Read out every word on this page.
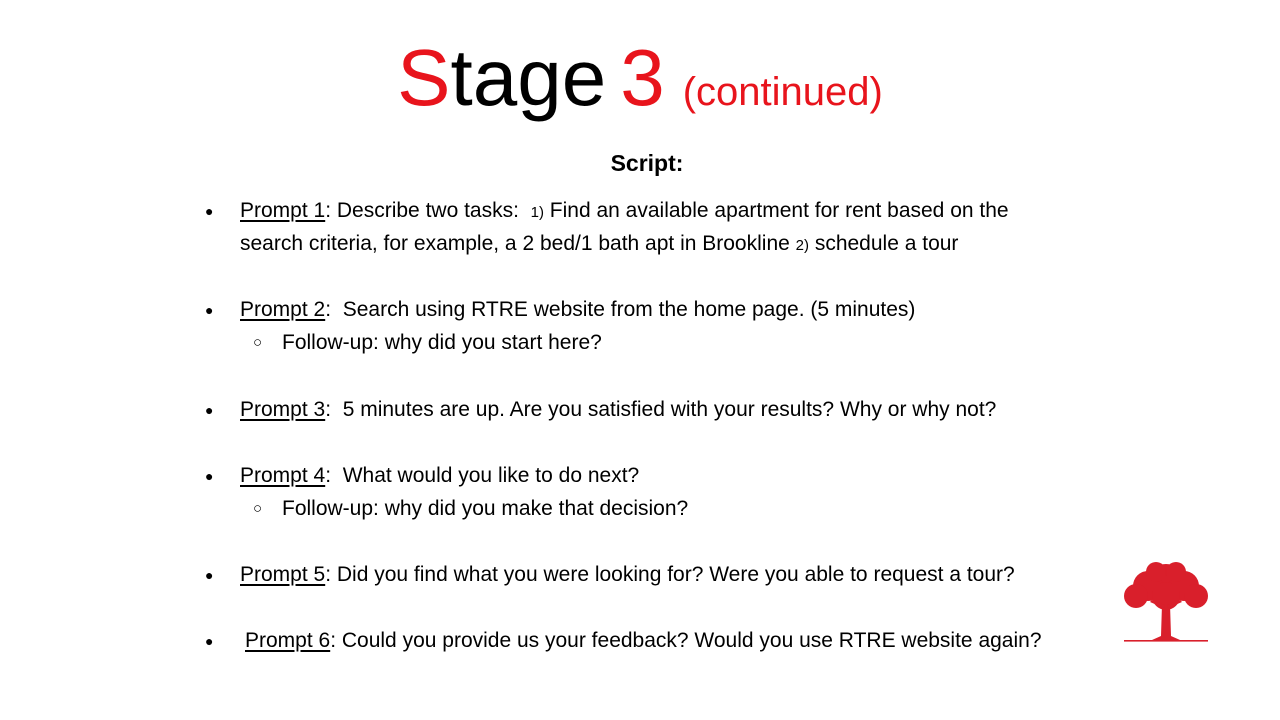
Stage 3 (continued)
Script:
● Prompt 1: Describe two tasks:  1) Find an available apartment for rent based on the
search criteria, for example, a 2 bed/1 bath apt in Brookline 2) schedule a tour
● Prompt 2:  Search using RTRE website from the home page. (5 minutes)
○ Follow-up: why did you start here?
● Prompt 3:  5 minutes are up. Are you satisfied with your results? Why or why not?
● Prompt 4:  What would you like to do next?
○ Follow-up: why did you make that decision?
● Prompt 5: Did you find what you were looking for? Were you able to request a tour?
● Prompt 6: Could you provide us your feedback? Would you use RTRE website again?
